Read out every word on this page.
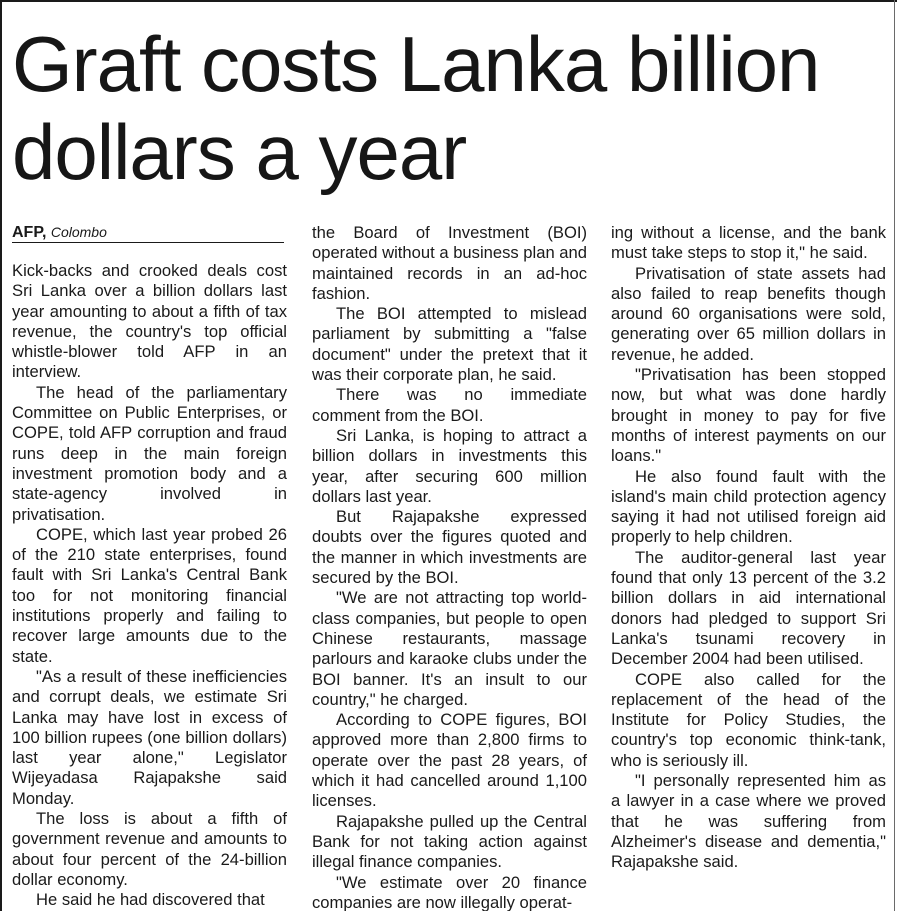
Graft costs Lanka billion dollars a year
AFP, Colombo

Kick-backs and crooked deals cost Sri Lanka over a billion dollars last year amounting to about a fifth of tax revenue, the country's top official whistle-blower told AFP in an interview.

The head of the parliamentary Committee on Public Enterprises, or COPE, told AFP corruption and fraud runs deep in the main foreign investment promotion body and a state-agency involved in privatisation.

COPE, which last year probed 26 of the 210 state enterprises, found fault with Sri Lanka's Central Bank too for not monitoring financial institutions properly and failing to recover large amounts due to the state.

"As a result of these inefficiencies and corrupt deals, we estimate Sri Lanka may have lost in excess of 100 billion rupees (one billion dollars) last year alone," Legislator Wijeyadasa Rajapakshe said Monday.

The loss is about a fifth of government revenue and amounts to about four percent of the 24-billion dollar economy.

He said he had discovered that

the Board of Investment (BOI) operated without a business plan and maintained records in an ad-hoc fashion.

The BOI attempted to mislead parliament by submitting a "false document" under the pretext that it was their corporate plan, he said.

There was no immediate comment from the BOI.

Sri Lanka, is hoping to attract a billion dollars in investments this year, after securing 600 million dollars last year.

But Rajapakshe expressed doubts over the figures quoted and the manner in which investments are secured by the BOI.

"We are not attracting top world-class companies, but people to open Chinese restaurants, massage parlours and karaoke clubs under the BOI banner. It's an insult to our country," he charged.

According to COPE figures, BOI approved more than 2,800 firms to operate over the past 28 years, of which it had cancelled around 1,100 licenses.

Rajapakshe pulled up the Central Bank for not taking action against illegal finance companies.

"We estimate over 20 finance companies are now illegally operat-

ing without a license, and the bank must take steps to stop it," he said.

Privatisation of state assets had also failed to reap benefits though around 60 organisations were sold, generating over 65 million dollars in revenue, he added.

"Privatisation has been stopped now, but what was done hardly brought in money to pay for five months of interest payments on our loans."

He also found fault with the island's main child protection agency saying it had not utilised foreign aid properly to help children.

The auditor-general last year found that only 13 percent of the 3.2 billion dollars in aid international donors had pledged to support Sri Lanka's tsunami recovery in December 2004 had been utilised.

COPE also called for the replacement of the head of the Institute for Policy Studies, the country's top economic think-tank, who is seriously ill.

"I personally represented him as a lawyer in a case where we proved that he was suffering from Alzheimer's disease and dementia," Rajapakshe said.
